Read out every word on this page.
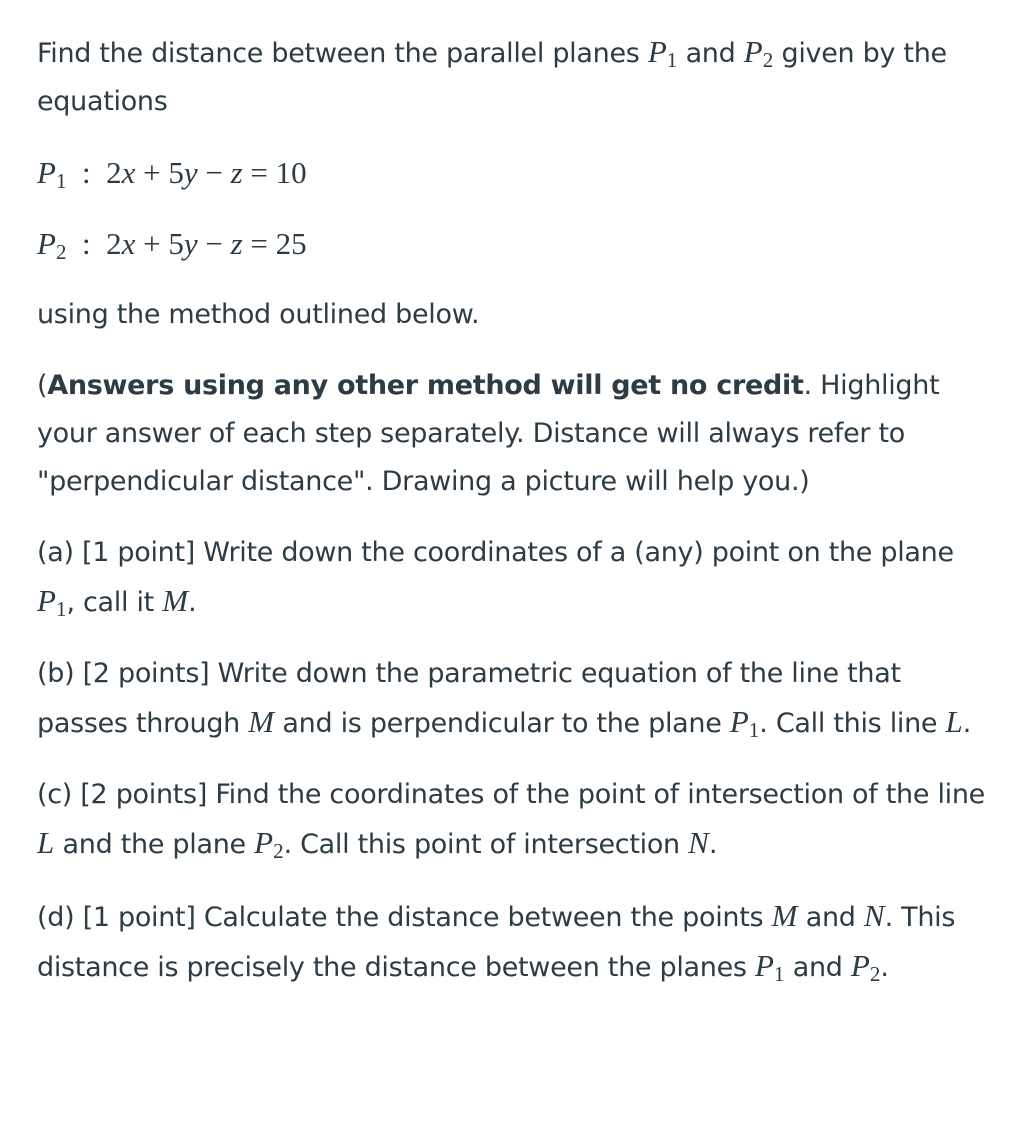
Find the distance between the parallel planes $P_1$ and $P_2$ given by the equations

$P_1$ : 2x + 5y − z = 10
$P_2$ : 2x + 5y − z = 25

using the method outlined below.

(Answers using any other method will get no credit. Highlight your answer of each step separately. Distance will always refer to "perpendicular distance". Drawing a picture will help you.)

(a) [1 point] Write down the coordinates of a (any) point on the plane $P_1$, call it M.

(b) [2 points] Write down the parametric equation of the line that passes through M and is perpendicular to the plane $P_1$. Call this line L.

(c) [2 points] Find the coordinates of the point of intersection of the line L and the plane $P_2$. Call this point of intersection N.

(d) [1 point] Calculate the distance between the points M and N. This distance is precisely the distance between the planes $P_1$ and $P_2$.
